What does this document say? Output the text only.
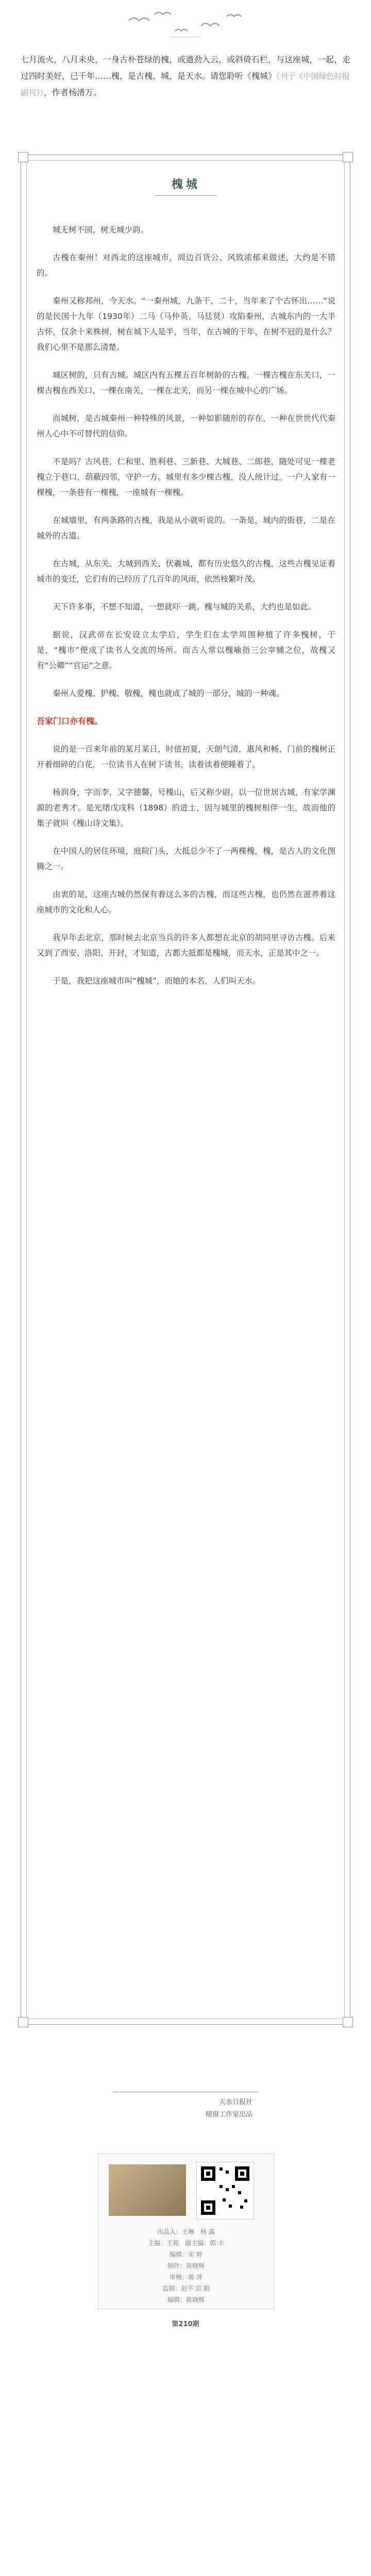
七月流火，八月未央，一身古朴苍绿的槐，或遒劲入云，或斜倚石栏，与这座城，一起，走过四时美好，已千年……槐，是古槐，城，是天水。请您聆听《槐城》（刊于《中国绿色时报副刊》），作者杨清万。
槐城

城无树不园，树无城少韵。

古槐在秦州！对西北的这座城市，周边百货公、风致浓郁来做述，大约是不错的。

秦州又称邦州，今天水。“一秦州城，九条干，二十，当年来了个古怀出……”说的是民国十九年（1930年）二马（马仲英、马廷贤）攻陷秦州，古城东内的一大半古怀，仅余十来株树，树在城下人是半，当年，在古城的干年，在树不冠的是什么？我们心里不是那么清楚。

城区树的，只有古城。城区内有五棵五百年树龄的古槐，一棵古槐在东关口，一棵古槐在西关口，一棵在南关，一棵在北关，而另一棵在城中心的广场。

而城树，是古城秦州一种特殊的风景，一种如影随形的存在，一种在世世代代秦州人心中不可替代的信仰。

不是吗？古风巷，仁和里、胜利巷、三新巷、大城巷、二郎巷，随处可见一棵老槐立于巷口，荫蔽四邻，守护一方。城里有多少棵古槐，没人统计过。一户人家有一棵槐，一条巷有一棵槐，一座城有一棵槐。

在城墙里，有两条路的古槐，我是从小就听说的。一条是，城内的街巷，二是在城外的古道。

在古城，从东关、大城到西关、伏羲城，都有历史悠久的古槐，这些古槐见证着城市的变迁，它们有的已经历了几百年的风雨，依然枝繁叶茂。

天下许多事，不想不知道，一想就吓一跳。槐与城的关系，大约也是如此。

据说，汉武帝在长安设立太学后，学生们在太学周围种植了许多槐树，于是，“槐市”便成了读书人交流的场所。而古人常以槐喻指三公宰辅之位，故槐又有“公卿”“官运”之意。

秦州人爱槐、护槐、敬槐，槐也就成了城的一部分，城的一种魂。

吾家门口亦有槐。

说的是一百来年前的某月某日，时值初夏，天朗气清，惠风和畅，门前的槐树正开着细碎的白花，一位读书人在树下读书，读着读着便睡着了。

杨润身，字而李，又字德馨，号槐山，后又称少尉，以一位世居古城，有家学渊源的老秀才。是光绪戊戌科（1898）的进士，因与城里的槐树相伴一生，故而他的集子就叫《槐山诗文集》。

在中国人的居住环境，庭院门头，大抵总少不了一两棵槐，槐，是古人的文化图腾之一。

由衷的是，这座古城仍然保有着这么多的古槐，而这些古槐，也仍然在滋养着这座城市的文化和人心。

我早年去北京，那时候去北京当兵的许多人都想在北京的胡同里寻访古槐。后来又到了西安、洛阳、开封，才知道，古都大抵都是槐城，而天水，正是其中之一。

于是，我把这座城市叫“槐城”，而她的本名，人们叫天水。

天水日报社
晴窗工作室出品
出品人：王琳　杨 露
主编：王莉　副主编：郭 丰
编辑：宋 婷
制作：蒋晓辉
审核：蒋 萍
监制：赵平 宗 娟
编辑：蒋晓辉
第210期
